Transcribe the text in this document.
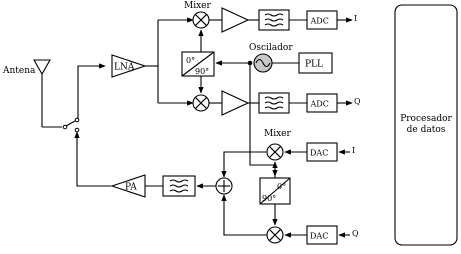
Antena	LNA
Mixer
0°
90°
ADC	I
ADC	Q
Oscilador
PLL
Mixer
0°
90°
I
DAC
Q
DAC
PA
Procesador
de datos
